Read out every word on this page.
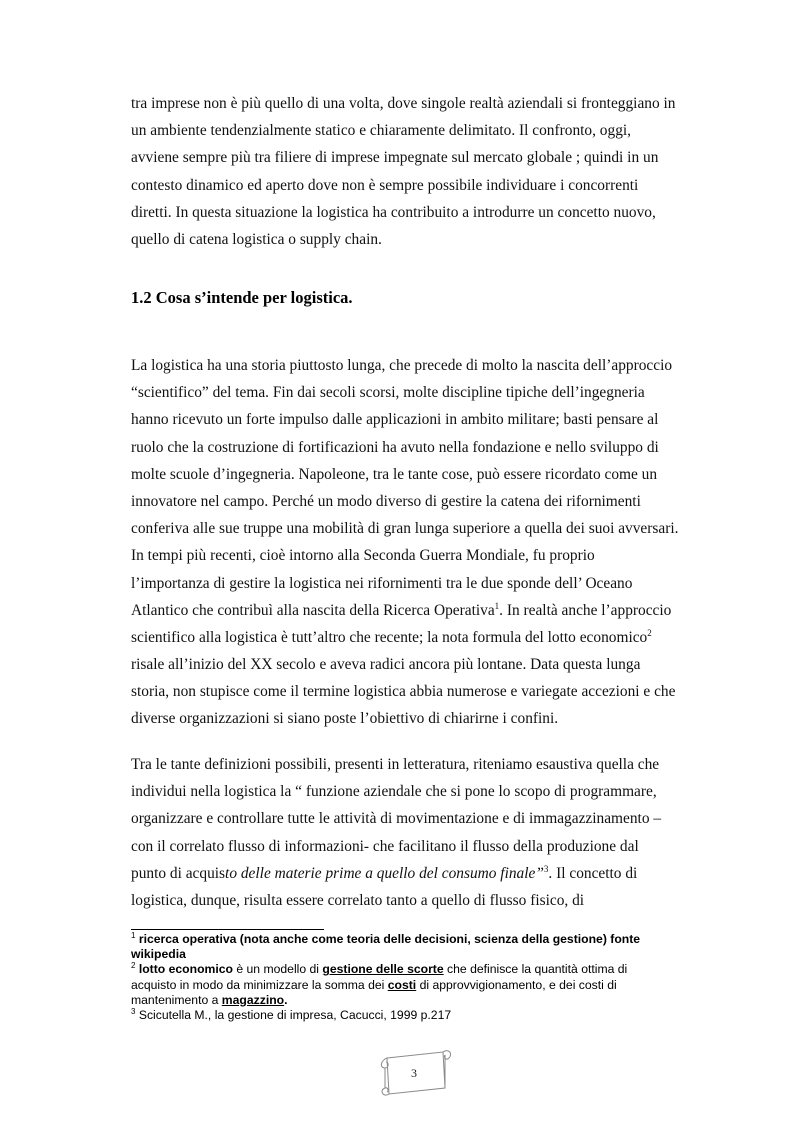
tra imprese non è più quello di una volta, dove singole realtà aziendali si fronteggiano in
un ambiente tendenzialmente statico e chiaramente delimitato. Il confronto, oggi,
avviene sempre più tra filiere di imprese impegnate sul mercato globale ; quindi in un
contesto dinamico ed aperto dove non è sempre possibile individuare i concorrenti
diretti. In questa situazione la logistica ha contribuito a introdurre un concetto nuovo,
quello di catena logistica o supply chain.
1.2 Cosa s’intende per logistica.
La logistica ha una storia piuttosto lunga, che precede di molto la nascita dell’approccio
“scientifico” del tema. Fin dai secoli scorsi, molte discipline tipiche dell’ingegneria
hanno ricevuto un forte impulso dalle applicazioni in ambito militare; basti pensare al
ruolo che la costruzione di fortificazioni ha avuto nella fondazione e nello sviluppo di
molte scuole d’ingegneria. Napoleone, tra le tante cose, può essere ricordato come un
innovatore nel campo. Perché un modo diverso di gestire la catena dei rifornimenti
conferiva alle sue truppe una mobilità di gran lunga superiore a quella dei suoi avversari.
In tempi più recenti, cioè intorno alla Seconda Guerra Mondiale, fu proprio
l’importanza di gestire la logistica nei rifornimenti tra le due sponde dell’ Oceano
Atlantico che contribuì alla nascita della Ricerca Operativa$^1$. In realtà anche l’approccio
scientifico alla logistica è tutt’altro che recente; la nota formula del lotto economico$^2$
risale all’inizio del XX secolo e aveva radici ancora più lontane. Data questa lunga
storia, non stupisce come il termine logistica abbia numerose e variegate accezioni e che
diverse organizzazioni si siano poste l’obiettivo di chiarirne i confini.
Tra le tante definizioni possibili, presenti in letteratura, riteniamo esaustiva quella che
individui nella logistica la “ funzione aziendale che si pone lo scopo di programmare,
organizzare e controllare tutte le attività di movimentazione e di immagazzinamento –
con il correlato flusso di informazioni- che facilitano il flusso della produzione dal
punto di acquisto delle materie prime a quello del consumo finale”$^3$. Il concetto di
logistica, dunque, risulta essere correlato tanto a quello di flusso fisico, di
$^1$ ricerca operativa (nota anche come teoria delle decisioni, scienza della gestione) fonte
wikipedia
$^2$ lotto economico è un modello di gestione delle scorte che definisce la quantità ottima di
acquisto in modo da minimizzare la somma dei costi di approvvigionamento, e dei costi di
mantenimento a magazzino.
$^3$ Scicutella M., la gestione di impresa, Cacucci, 1999 p.217
3
